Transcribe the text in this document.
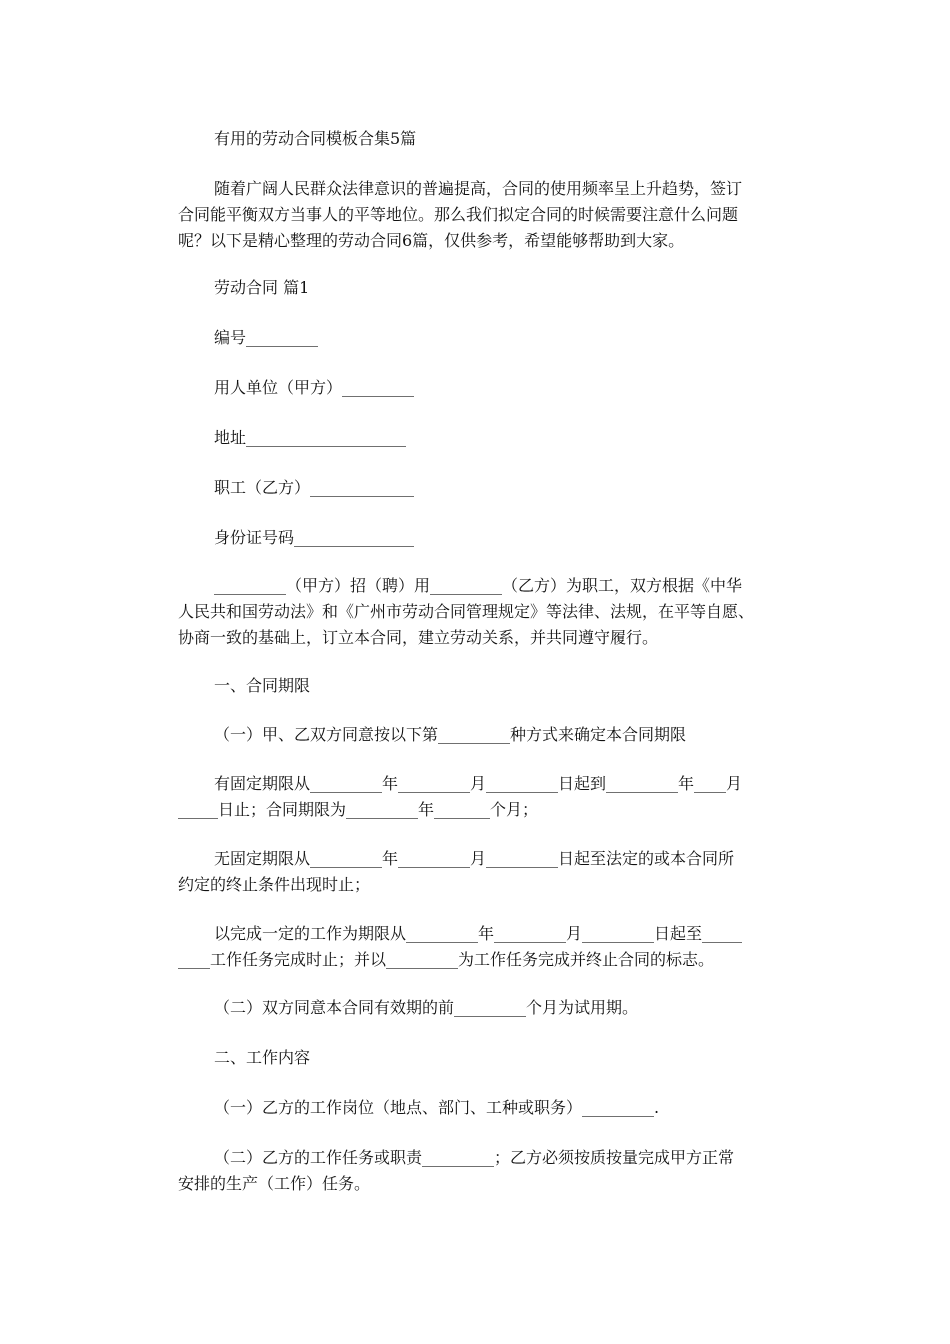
有用的劳动合同模板合集5篇

随着广阔人民群众法律意识的普遍提高，合同的使用频率呈上升趋势，签订
合同能平衡双方当事人的平等地位。那么我们拟定合同的时候需要注意什么问题
呢？以下是精心整理的劳动合同6篇，仅供参考，希望能够帮助到大家。

劳动合同 篇1

编号_________

用人单位（甲方）_________

地址____________________

职工（乙方）_____________

身份证号码_______________

_________（甲方）招（聘）用_________（乙方）为职工，双方根据《中华
人民共和国劳动法》和《广州市劳动合同管理规定》等法律、法规，在平等自愿、
协商一致的基础上，订立本合同，建立劳动关系，并共同遵守履行。

一、合同期限

（一）甲、乙双方同意按以下第_________种方式来确定本合同期限

有固定期限从_________年_________月_________日起到_________年____月
_____日止；合同期限为_________年_______个月；
无固定期限从_________年_________月_________日起至法定的或本合同所
约定的终止条件出现时止；
以完成一定的工作为期限从_________年_________月_________日起至_____
____工作任务完成时止；并以_________为工作任务完成并终止合同的标志。

（二）双方同意本合同有效期的前_________个月为试用期。

二、工作内容

（一）乙方的工作岗位（地点、部门、工种或职务）_________.

（二）乙方的工作任务或职责_________；乙方必须按质按量完成甲方正常
安排的生产（工作）任务。
